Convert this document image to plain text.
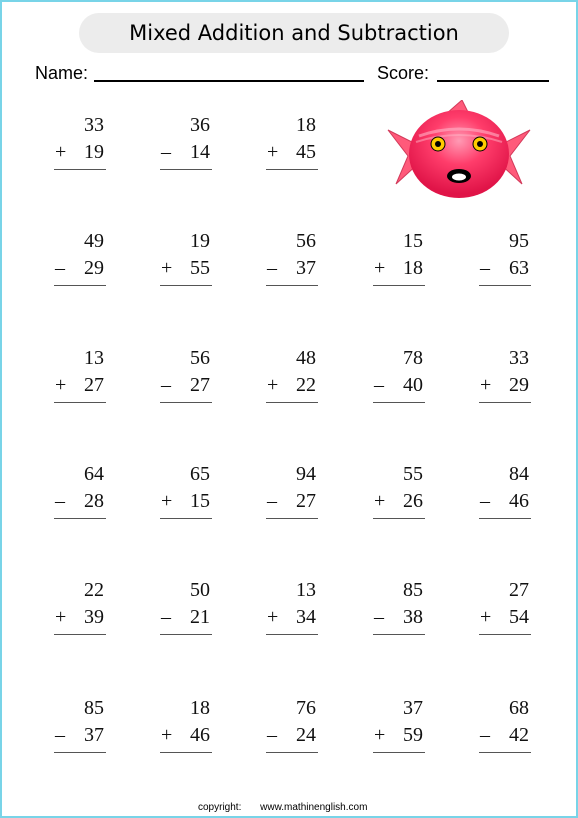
Mixed Addition and Subtraction
Name:	Score:
33
+ 19
36
– 14
18
+ 45
49
– 29
19
+ 55
56
– 37
15
+ 18
95
– 63
13
+ 27
56
– 27
48
+ 22
78
– 40
33
+ 29
64
– 28
65
+ 15
94
– 27
55
+ 26
84
– 46
22
+ 39
50
– 21
13
+ 34
85
– 38
27
+ 54
85
– 37
18
+ 46
76
– 24
37
+ 59
68
– 42
copyright: www.mathinenglish.com
